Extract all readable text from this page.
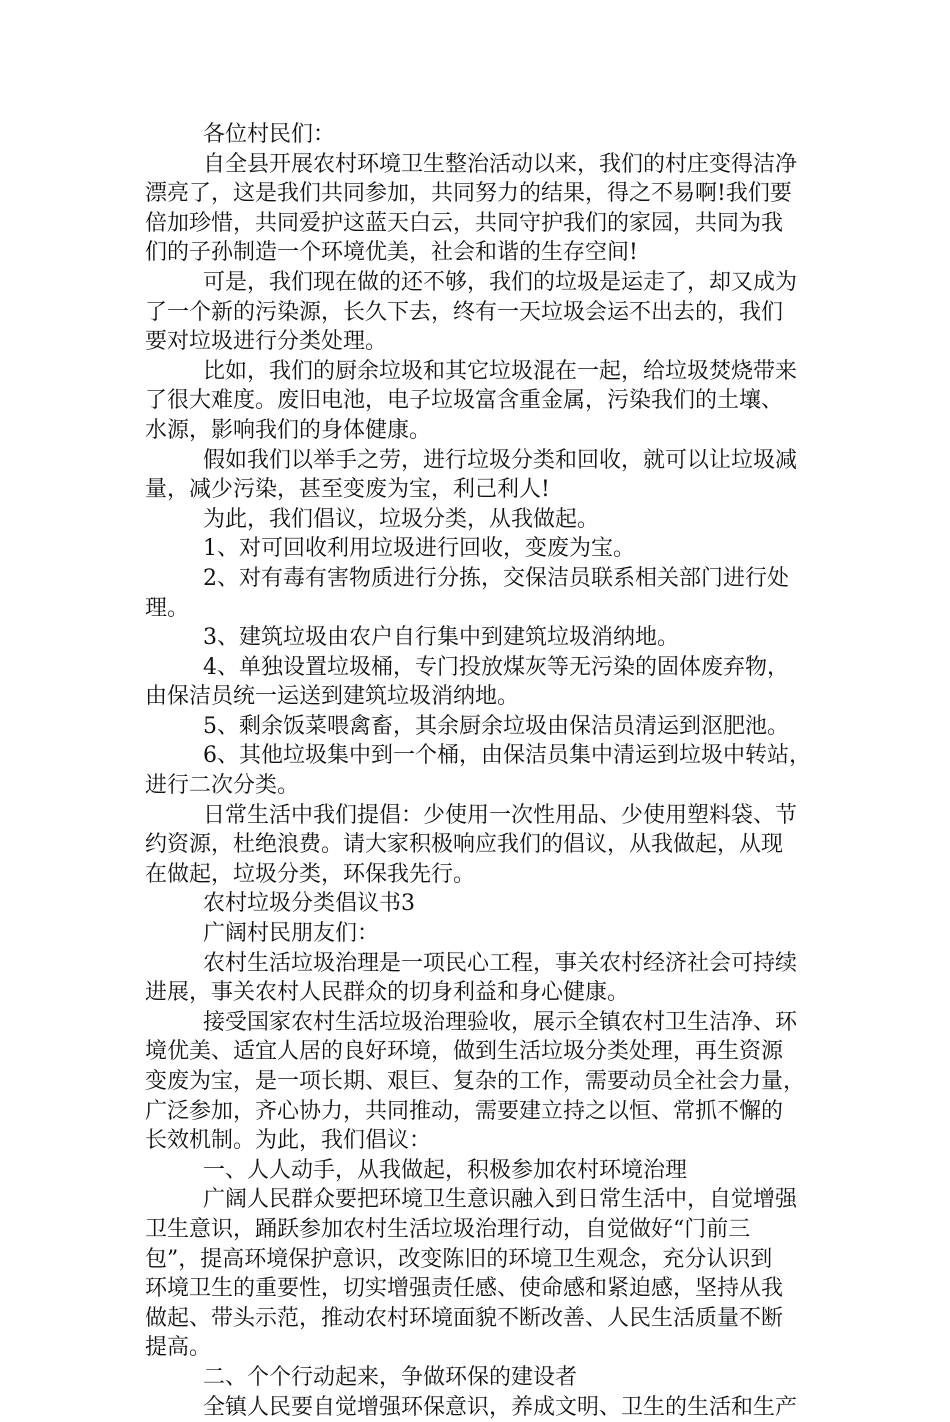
各位村民们：
自全县开展农村环境卫生整治活动以来，我们的村庄变得洁净
漂亮了，这是我们共同参加，共同努力的结果，得之不易啊!我们要
倍加珍惜，共同爱护这蓝天白云，共同守护我们的家园，共同为我
们的子孙制造一个环境优美，社会和谐的生存空间!
可是，我们现在做的还不够，我们的垃圾是运走了，却又成为
了一个新的污染源，长久下去，终有一天垃圾会运不出去的，我们
要对垃圾进行分类处理。
比如，我们的厨余垃圾和其它垃圾混在一起，给垃圾焚烧带来
了很大难度。废旧电池，电子垃圾富含重金属，污染我们的土壤、
水源，影响我们的身体健康。
假如我们以举手之劳，进行垃圾分类和回收，就可以让垃圾减
量，减少污染，甚至变废为宝，利己利人!
为此，我们倡议，垃圾分类，从我做起。
1、对可回收利用垃圾进行回收，变废为宝。
2、对有毒有害物质进行分拣，交保洁员联系相关部门进行处
理。
3、建筑垃圾由农户自行集中到建筑垃圾消纳地。
4、单独设置垃圾桶，专门投放煤灰等无污染的固体废弃物，
由保洁员统一运送到建筑垃圾消纳地。
5、剩余饭菜喂禽畜，其余厨余垃圾由保洁员清运到沤肥池。
6、其他垃圾集中到一个桶，由保洁员集中清运到垃圾中转站，
进行二次分类。
日常生活中我们提倡：少使用一次性用品、少使用塑料袋、节
约资源，杜绝浪费。请大家积极响应我们的倡议，从我做起，从现
在做起，垃圾分类，环保我先行。
农村垃圾分类倡议书3
广阔村民朋友们：
农村生活垃圾治理是一项民心工程，事关农村经济社会可持续
进展，事关农村人民群众的切身利益和身心健康。
接受国家农村生活垃圾治理验收，展示全镇农村卫生洁净、环
境优美、适宜人居的良好环境，做到生活垃圾分类处理，再生资源
变废为宝，是一项长期、艰巨、复杂的工作，需要动员全社会力量，
广泛参加，齐心协力，共同推动，需要建立持之以恒、常抓不懈的
长效机制。为此，我们倡议：
一、人人动手，从我做起，积极参加农村环境治理
广阔人民群众要把环境卫生意识融入到日常生活中，自觉增强
卫生意识，踊跃参加农村生活垃圾治理行动，自觉做好“门前三
包”，提高环境保护意识，改变陈旧的环境卫生观念，充分认识到
环境卫生的重要性，切实增强责任感、使命感和紧迫感，坚持从我
做起、带头示范，推动农村环境面貌不断改善、人民生活质量不断
提高。
二、个个行动起来，争做环保的建设者
全镇人民要自觉增强环保意识，养成文明、卫生的生活和生产
